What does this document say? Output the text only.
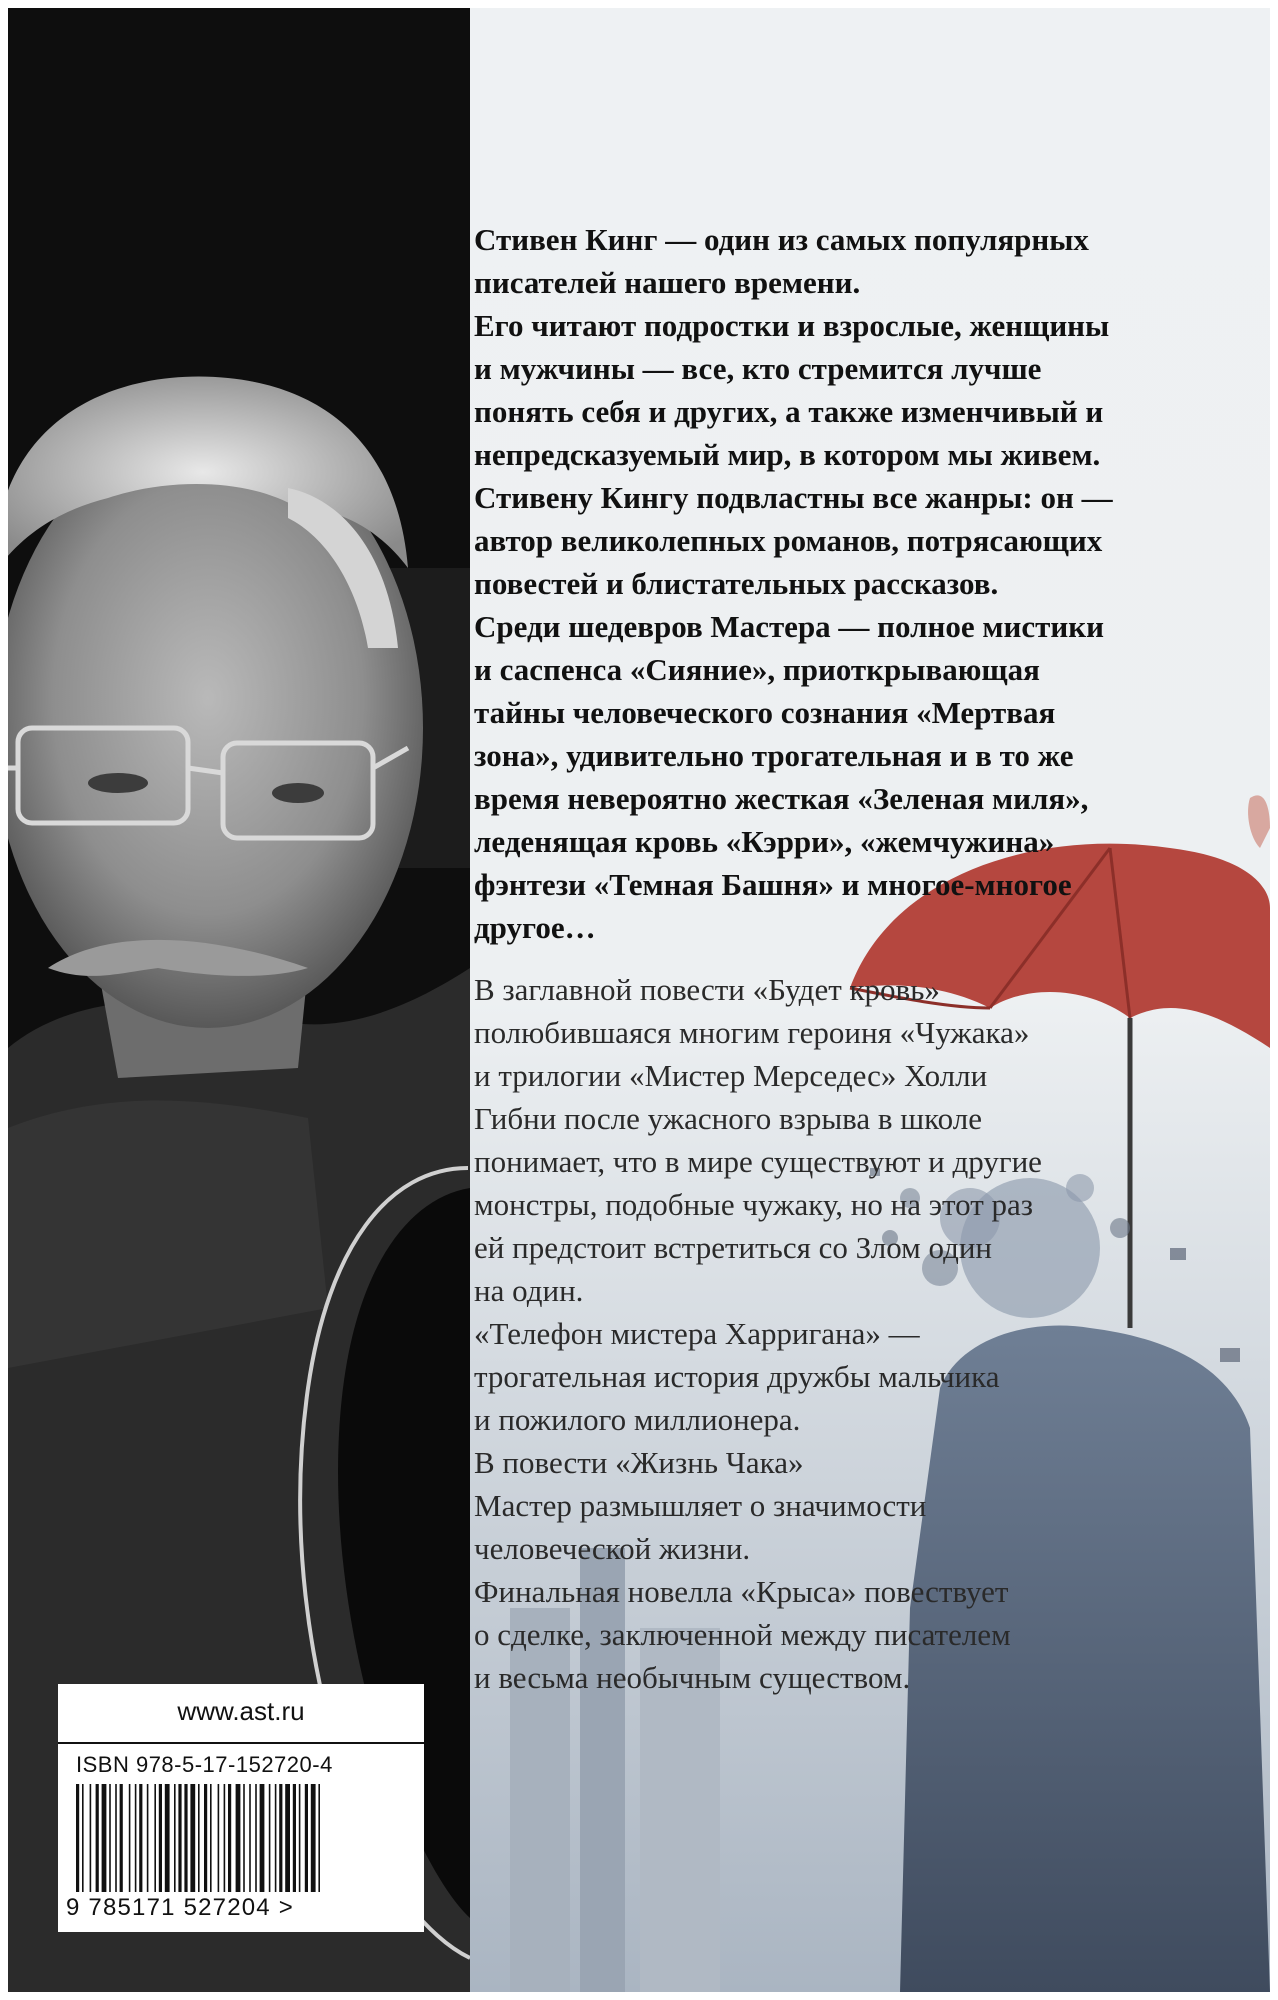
Стивен Кинг — один из самых популярных

писателей нашего времени.

Его читают подростки и взрослые, женщины

и мужчины — все, кто стремится лучше

понять себя и других, а также изменчивый и

непредсказуемый мир, в котором мы живем.

Стивену Кингу подвластны все жанры: он —

автор великолепных романов, потрясающих

повестей и блистательных рассказов.

Среди шедевров Мастера — полное мистики

и саспенса «Сияние», приоткрывающая

тайны человеческого сознания «Мертвая

зона», удивительно трогательная и в то же

время невероятно жесткая «Зеленая миля»,

леденящая кровь «Кэрри», «жемчужина»

фэнтези «Темная Башня» и многое-многое

другое…

В заглавной повести «Будет кровь»

полюбившаяся многим героиня «Чужака»

и трилогии «Мистер Мерседес» Холли

Гибни после ужасного взрыва в школе

понимает, что в мире существуют и другие

монстры, подобные чужаку, но на этот раз

ей предстоит встретиться со Злом один

на один.

«Телефон мистера Харригана» —

трогательная история дружбы мальчика

и пожилого миллионера.

В повести «Жизнь Чака»

Мастер размышляет о значимости

человеческой жизни.

Финальная новелла «Крыса» повествует

о сделке, заключенной между писателем

и весьма необычным существом.

www.ast.ru
ISBN 978-5-17-152720-4
9 785171 527204 >
